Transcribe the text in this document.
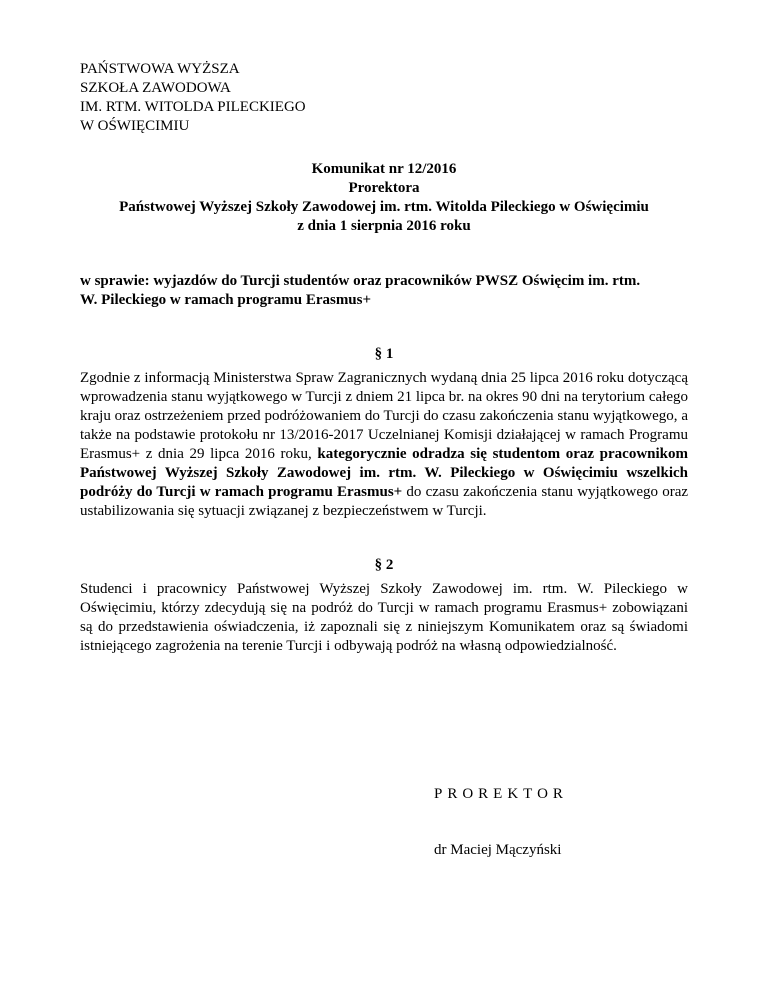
PAŃSTWOWA WYŻSZA
SZKOŁA ZAWODOWA
IM. RTM. WITOLDA PILECKIEGO
W OŚWIĘCIMIU
Komunikat nr 12/2016
Prorektora
Państwowej Wyższej Szkoły Zawodowej im. rtm. Witolda Pileckiego w Oświęcimiu
z dnia 1 sierpnia 2016 roku
w sprawie: wyjazdów do Turcji studentów oraz pracowników PWSZ Oświęcim im. rtm.
W. Pileckiego w ramach programu Erasmus+
§ 1
Zgodnie z informacją Ministerstwa Spraw Zagranicznych wydaną dnia 25 lipca 2016 roku dotyczącą wprowadzenia stanu wyjątkowego w Turcji z dniem 21 lipca br. na okres 90 dni na terytorium całego kraju oraz ostrzeżeniem przed podróżowaniem do Turcji do czasu zakończenia stanu wyjątkowego, a także na podstawie protokołu nr 13/2016-2017 Uczelnianej Komisji działającej w ramach Programu Erasmus+ z dnia 29 lipca 2016 roku, kategorycznie odradza się studentom oraz pracownikom Państwowej Wyższej Szkoły Zawodowej im. rtm. W. Pileckiego w Oświęcimiu wszelkich podróży do Turcji w ramach programu Erasmus+ do czasu zakończenia stanu wyjątkowego oraz ustabilizowania się sytuacji związanej z bezpieczeństwem w Turcji.
§ 2
Studenci i pracownicy Państwowej Wyższej Szkoły Zawodowej im. rtm. W. Pileckiego w Oświęcimiu, którzy zdecydują się na podróż do Turcji w ramach programu Erasmus+ zobowiązani są do przedstawienia oświadczenia, iż zapoznali się z niniejszym Komunikatem oraz są świadomi istniejącego zagrożenia na terenie Turcji i odbywają podróż na własną odpowiedzialność.
PROREKTOR
dr Maciej Mączyński
